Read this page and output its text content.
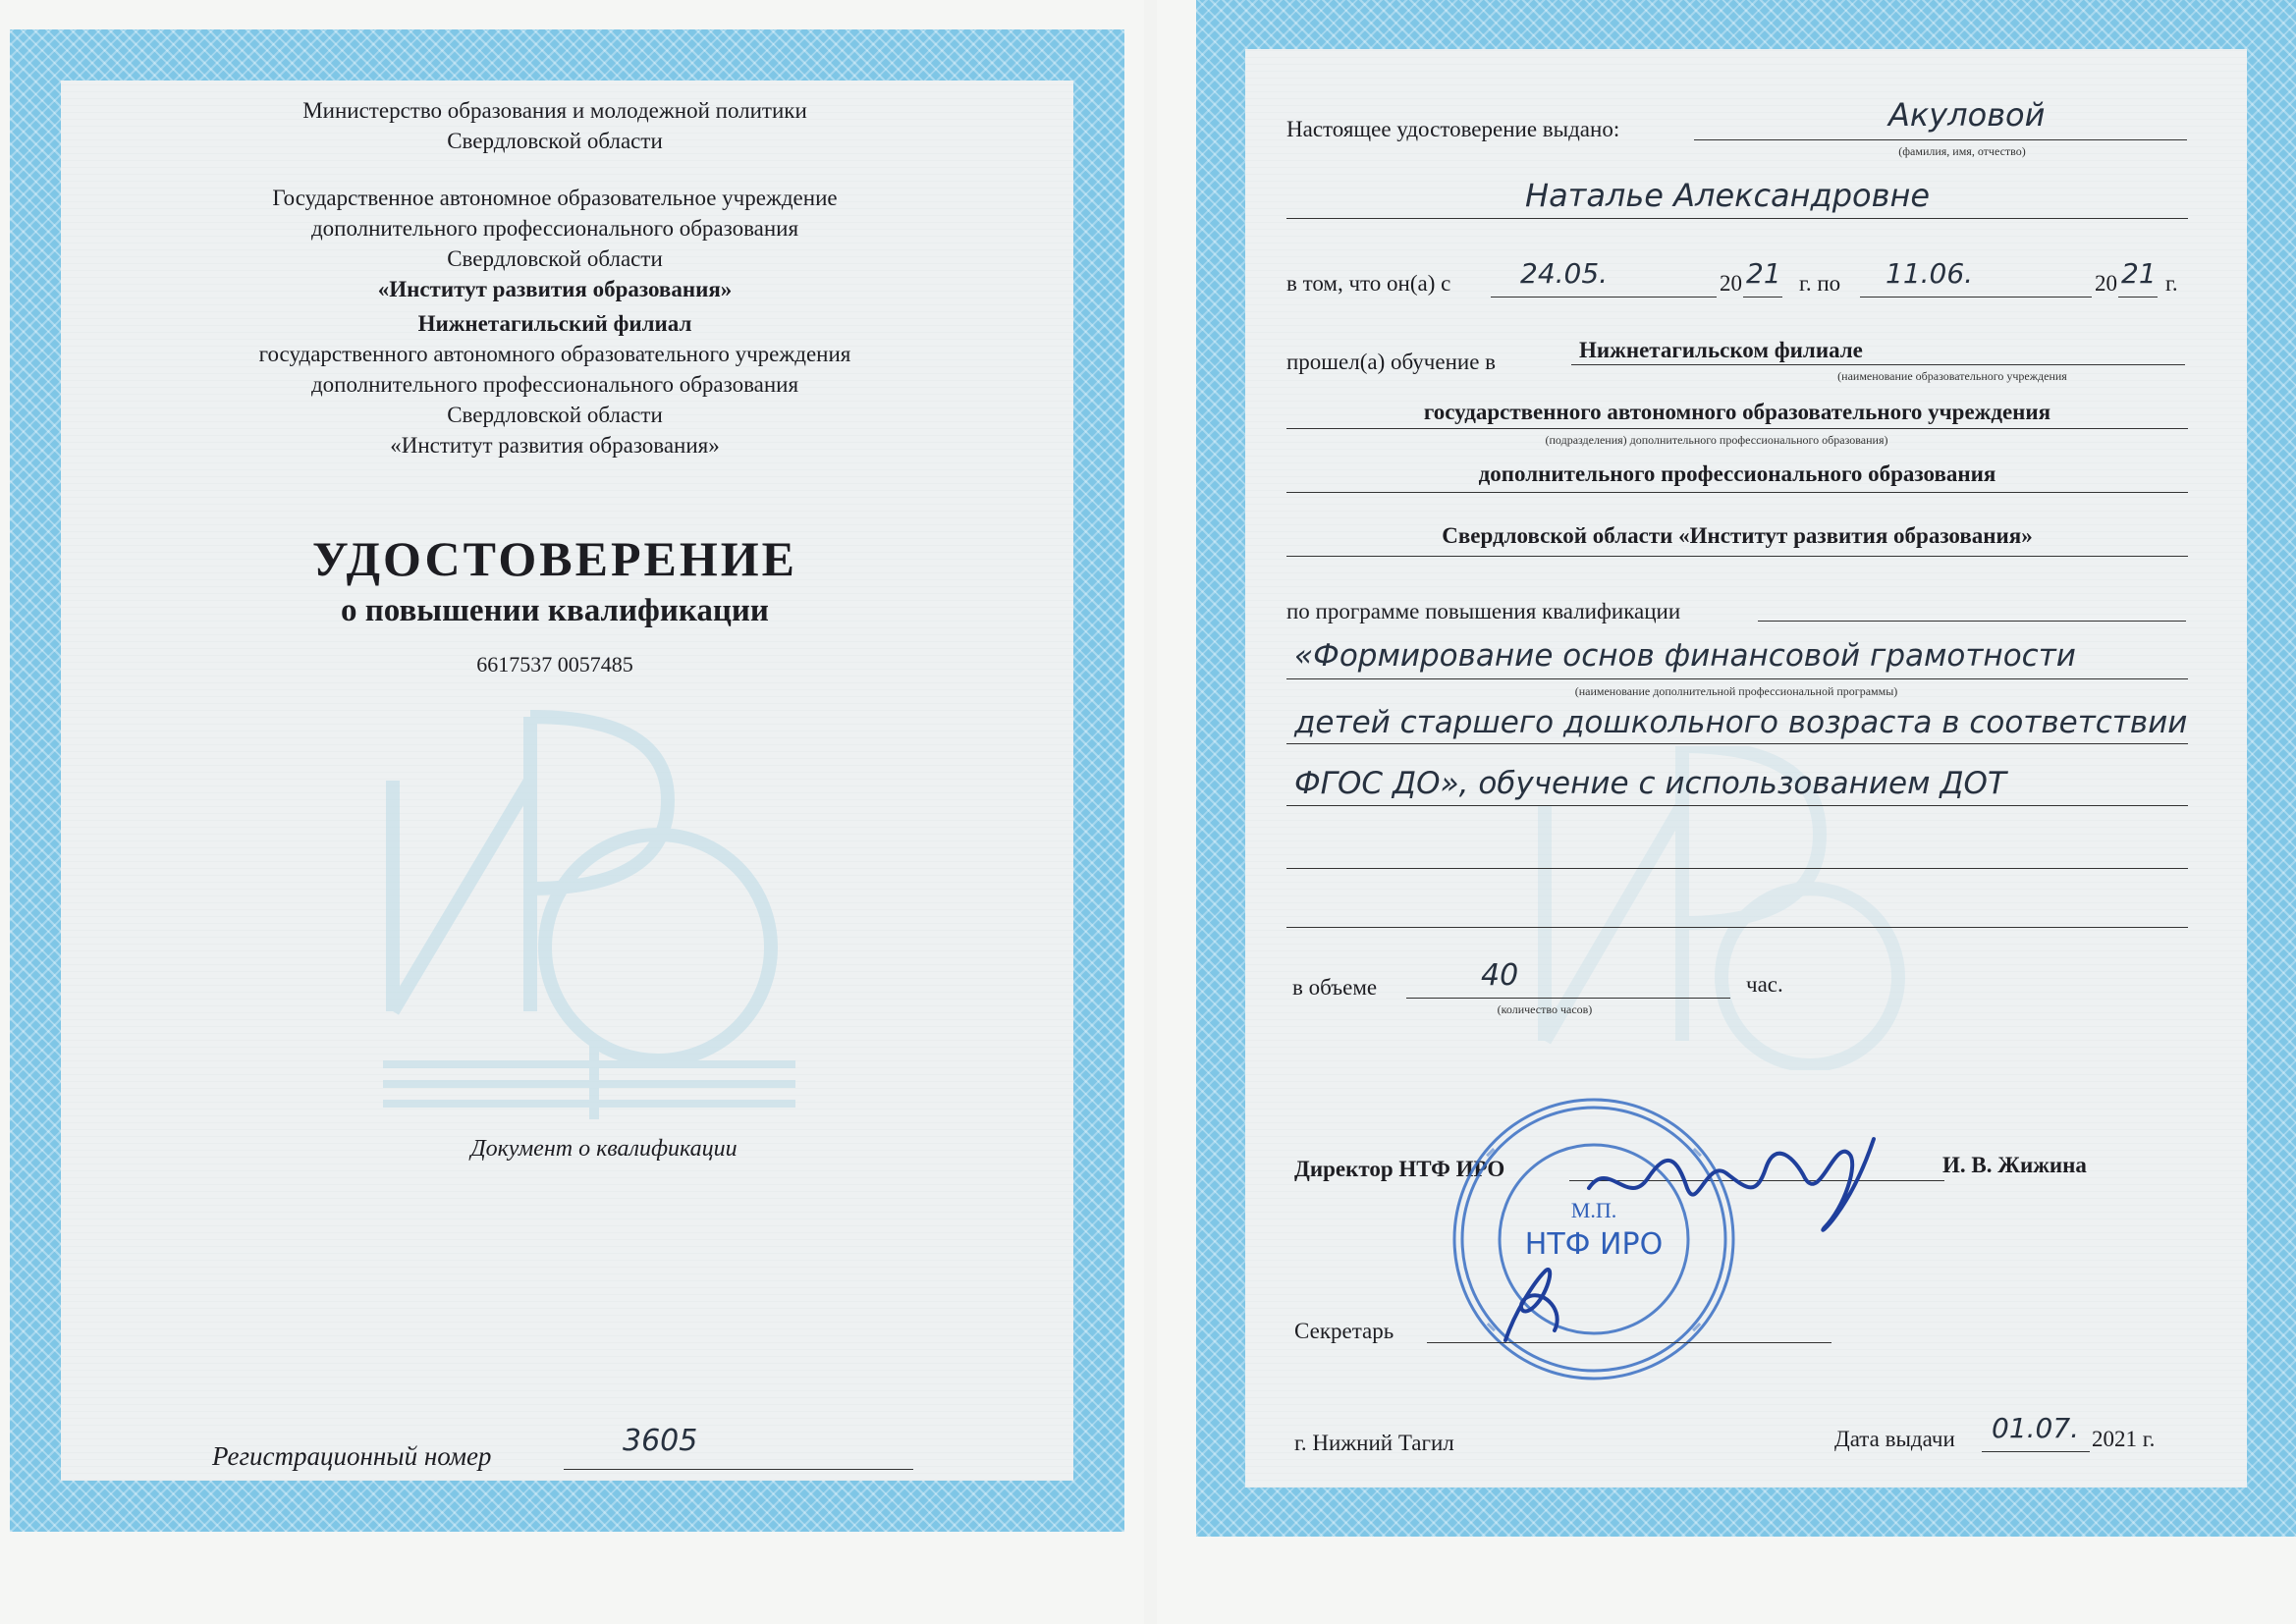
Министерство образования и молодежной политики
Свердловской области
Государственное автономное образовательное учреждение
дополнительного профессионального образования
Свердловской области
«Институт развития образования»
Нижнетагильский филиал
государственного автономного образовательного учреждения
дополнительного профессионального образования
Свердловской области
«Институт развития образования»
УДОСТОВЕРЕНИЕ
о повышении квалификации
6617537 0057485
Документ о квалификации
Регистрационный номер	3605
Настоящее удостоверение выдано:	Акуловой
(фамилия, имя, отчество)
Наталье Александровне
в том, что он(а) с	24.05.	20 21 г. по 11.06.	20 21 г.
прошел(а) обучение в	Нижнетагильском филиале
(наименование образовательного учреждения
государственного автономного образовательного учреждения
(подразделения) дополнительного профессионального образования)
дополнительного профессионального образования
Свердловской области «Институт развития образования»
по программе повышения квалификации
«Формирование основ финансовой грамотности
(наименование дополнительной профессиональной программы)
детей старшего дошкольного возраста в соответствии
ФГОС ДО», обучение с использованием ДОТ
в объеме	40
(количество часов)
час.
Директор НТФ ИРО	И. В. Жижина
М.П.
НТФ ИРО
Секретарь
г. Нижний Тагил	Дата выдачи 01.07. 2021 г.
